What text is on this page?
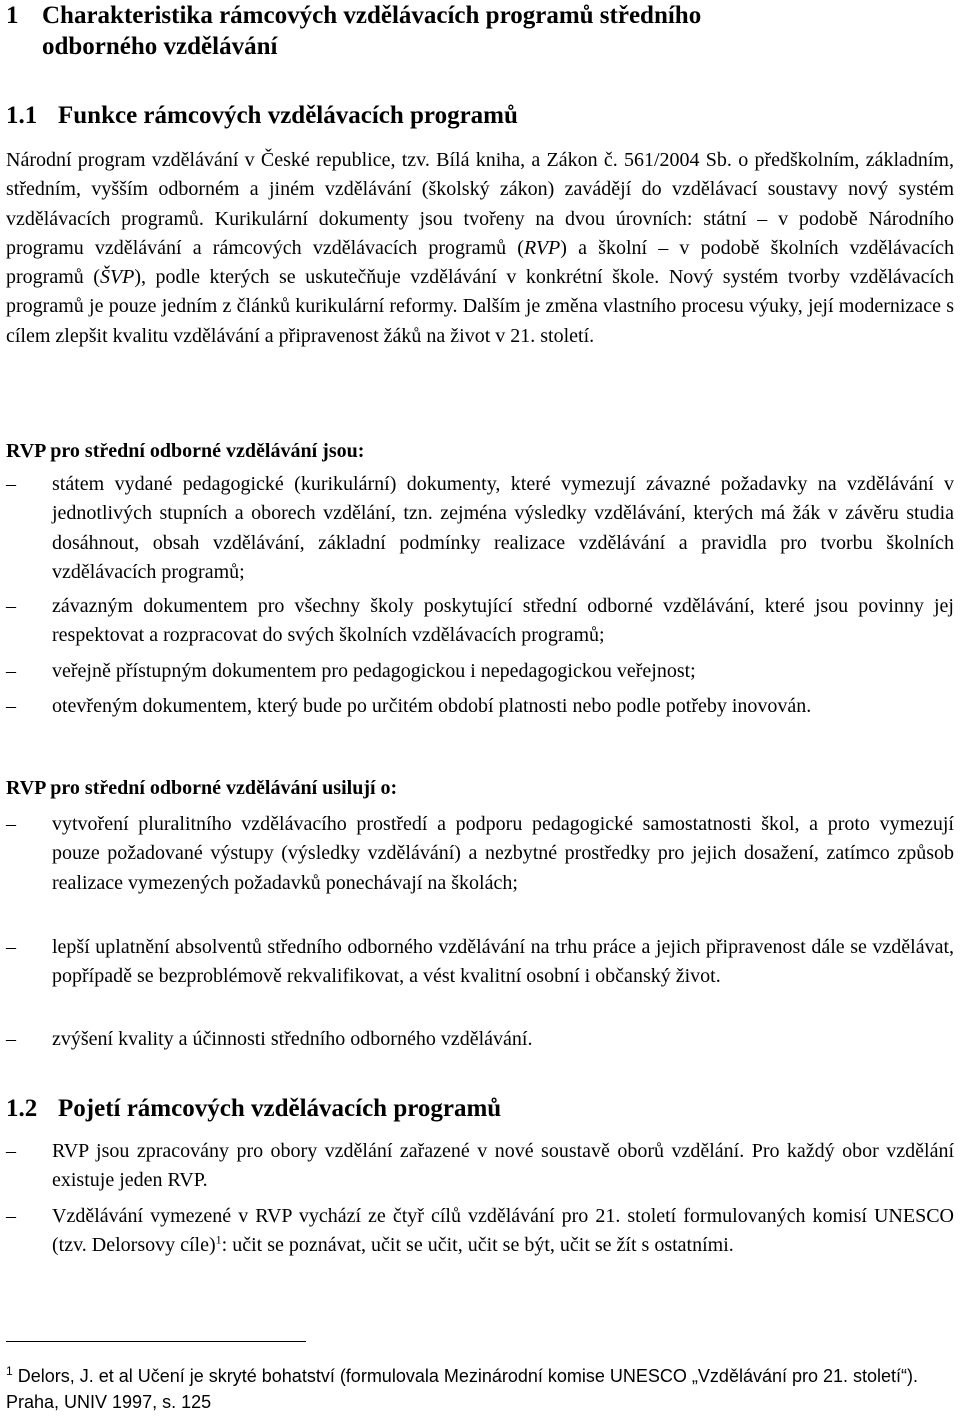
1 Charakteristika rámcových vzdělávacích programů středního
odborného vzdělávání
1.1 Funkce rámcových vzdělávacích programů
Národní program vzdělávání v České republice, tzv. Bílá kniha, a Zákon č. 561/2004 Sb. o předškolním, základním, středním, vyšším odborném a jiném vzdělávání (školský zákon) zavádějí do vzdělávací soustavy nový systém vzdělávacích programů. Kurikulární dokumenty jsou tvořeny na dvou úrovních: státní – v podobě Národního programu vzdělávání a rámcových vzdělávacích programů (RVP) a školní – v podobě školních vzdělávacích programů (ŠVP), podle kterých se uskutečňuje vzdělávání v konkrétní škole. Nový systém tvorby vzdělávacích programů je pouze jedním z článků kurikulární reformy. Dalším je změna vlastního procesu výuky, její modernizace s cílem zlepšit kvalitu vzdělávání a připravenost žáků na život v 21. století.
RVP pro střední odborné vzdělávání jsou:
–	státem vydané pedagogické (kurikulární) dokumenty, které vymezují závazné požadavky na vzdělávání v jednotlivých stupních a oborech vzdělání, tzn. zejména výsledky vzdělávání, kterých má žák v závěru studia dosáhnout, obsah vzdělávání, základní podmínky realizace vzdělávání a pravidla pro tvorbu školních vzdělávacích programů;
–	závazným dokumentem pro všechny školy poskytující střední odborné vzdělávání, které jsou povinny jej respektovat a rozpracovat do svých školních vzdělávacích programů;
–	veřejně přístupným dokumentem pro pedagogickou i nepedagogickou veřejnost;
–	otevřeným dokumentem, který bude po určitém období platnosti nebo podle potřeby inovován.
RVP pro střední odborné vzdělávání usilují o:
–	vytvoření pluralitního vzdělávacího prostředí a podporu pedagogické samostatnosti škol, a proto vymezují pouze požadované výstupy (výsledky vzdělávání) a nezbytné prostředky pro jejich dosažení, zatímco způsob realizace vymezených požadavků ponechávají na školách;
–	lepší uplatnění absolventů středního odborného vzdělávání na trhu práce a jejich připravenost dále se vzdělávat, popřípadě se bezproblémově rekvalifikovat, a vést kvalitní osobní i občanský život.
–	zvýšení kvality a účinnosti středního odborného vzdělávání.
1.2 Pojetí rámcových vzdělávacích programů
–	RVP jsou zpracovány pro obory vzdělání zařazené v nové soustavě oborů vzdělání. Pro každý obor vzdělání existuje jeden RVP.
–	Vzdělávání vymezené v RVP vychází ze čtyř cílů vzdělávání pro 21. století formulovaných komisí UNESCO (tzv. Delorsovy cíle)$^1$: učit se poznávat, učit se učit, učit se být, učit se žít s ostatními.
$^1$ Delors, J. et al Učení je skryté bohatství (formulovala Mezinárodní komise UNESCO „Vzdělávání pro 21. století“). Praha, UNIV 1997, s. 125
